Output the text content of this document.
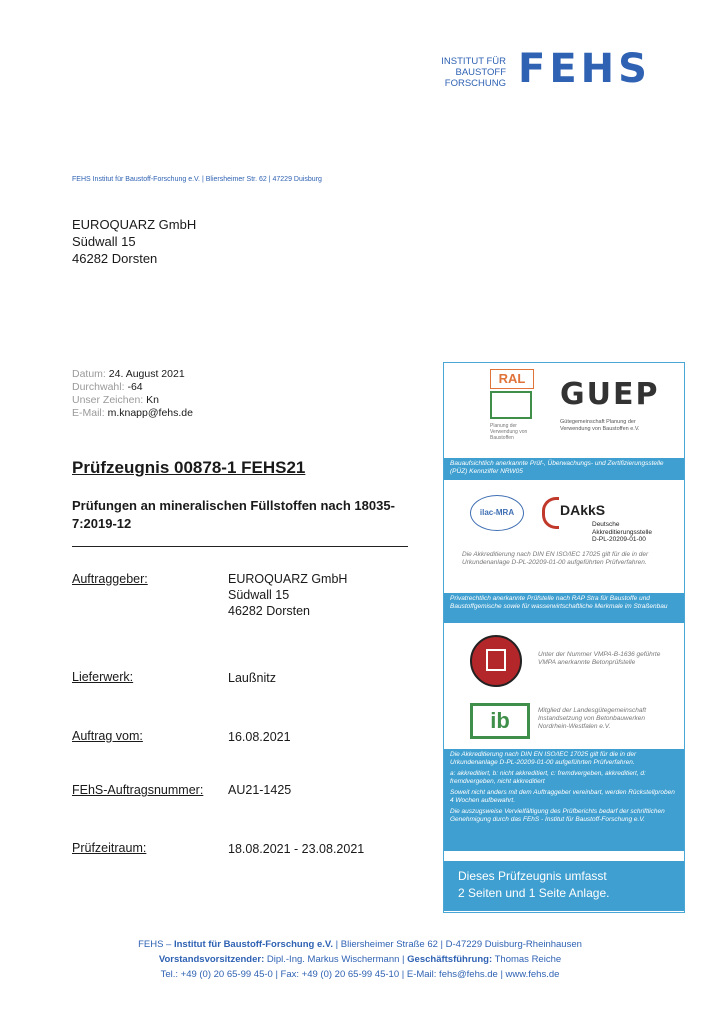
INSTITUT FÜR
BAUSTOFF
FORSCHUNG FEHS
FEHS Institut für Baustoff-Forschung e.V. | Bliersheimer Str. 62 | 47229 Duisburg
EUROQUARZ GmbH
Südwall 15
46282 Dorsten
Datum: 24. August 2021
Durchwahl: -64
Unser Zeichen: Kn
E-Mail: m.knapp@fehs.de
Prüfzeugnis 00878-1 FEHS21
Prüfungen an mineralischen Füllstoffen nach 18035-7:2019-12
Auftraggeber:	EUROQUARZ GmbH
Südwall 15
46282 Dorsten
Lieferwerk:	Laußnitz
Auftrag vom:	16.08.2021
FEhS-Auftragsnummer: AU21-1425
Prüfzeitraum:	18.08.2021 - 23.08.2021
RAL
Planung der Verwendung von Baustoffen
GUEP
Gütegemeinschaft Planung der Verwendung von Baustoffen e.V.
Bauaufsichtlich anerkannte Prüf-, Überwachungs- und Zertifizierungsstelle (PÜZ) Kennziffer NRW05
ilac-MRA	DAkkS
Deutsche
Akkreditierungsstelle
D-PL-20209-01-00
Die Akkreditierung nach DIN EN ISO/IEC 17025 gilt für die in der Urkundenanlage D-PL-20209-01-00 aufgeführten Prüfverfahren.
Privatrechtlich anerkannte Prüfstelle nach RAP Stra für Baustoffe und Baustoffgemische sowie für wasserwirtschaftliche Merkmale im Straßenbau
Unter der Nummer VMPA-B-1636 geführte VMPA anerkannte Betonprüfstelle
ib	Mitglied der Landesgütegemeinschaft Instandsetzung von Betonbauwerken Nordrhein-Westfalen e.V.
Die Akkreditierung nach DIN EN ISO/IEC 17025 gilt für die in der Urkundenanlage D-PL-20209-01-00 aufgeführten Prüfverfahren.
a: akkreditiert, b: nicht akkreditiert, c: fremdvergeben, akkreditiert, d: fremdvergeben, nicht akkreditiert
Soweit nicht anders mit dem Auftraggeber vereinbart, werden Rückstellproben 4 Wochen aufbewahrt.
Die auszugsweise Vervielfältigung des Prüfberichts bedarf der schriftlichen Genehmigung durch das FEhS - Institut für Baustoff-Forschung e.V.
Dieses Prüfzeugnis umfasst
2 Seiten und 1 Seite Anlage.
FEHS – Institut für Baustoff-Forschung e.V. | Bliersheimer Straße 62 | D-47229 Duisburg-Rheinhausen
Vorstandsvorsitzender: Dipl.-Ing. Markus Wischermann | Geschäftsführung: Thomas Reiche
Tel.: +49 (0) 20 65-99 45-0 | Fax: +49 (0) 20 65-99 45-10 | E-Mail: fehs@fehs.de | www.fehs.de
